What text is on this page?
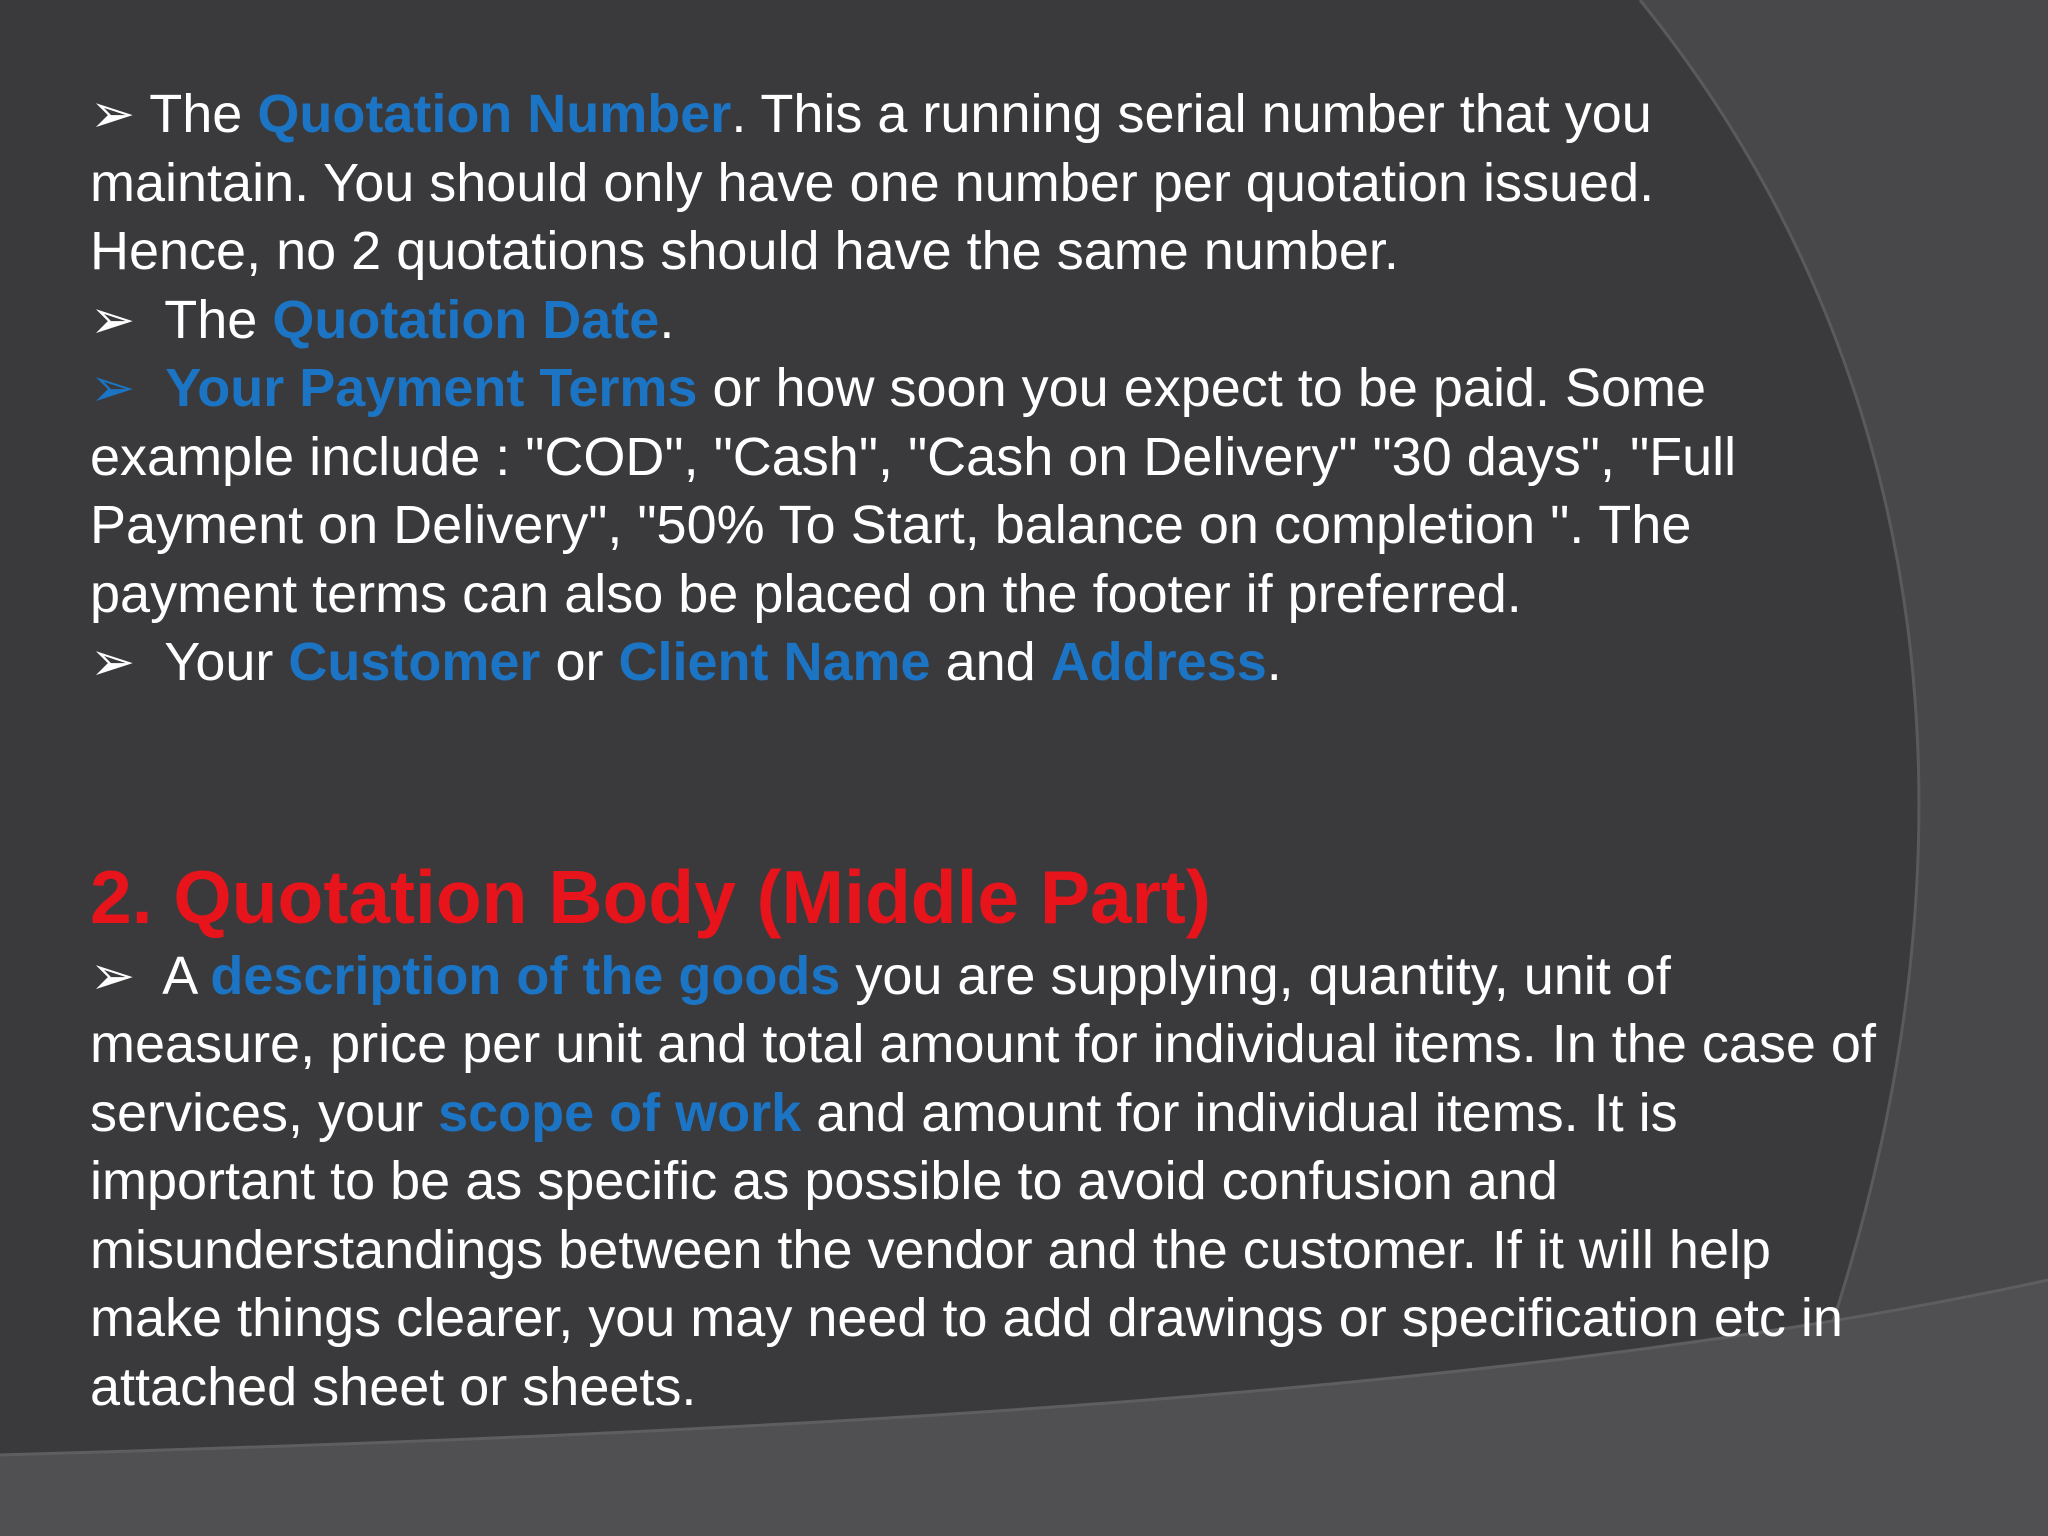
➢ The Quotation Number. This a running serial number that you
maintain. You should only have one number per quotation issued.
Hence, no 2 quotations should have the same number.
➢ The Quotation Date.
➢ Your Payment Terms or how soon you expect to be paid. Some
example include : "COD", "Cash", "Cash on Delivery" "30 days", "Full
Payment on Delivery", "50% To Start, balance on completion ". The
payment terms can also be placed on the footer if preferred.
➢ Your Customer or Client Name and Address.
2. Quotation Body (Middle Part)
➢ A description of the goods you are supplying, quantity, unit of
measure, price per unit and total amount for individual items. In the case of
services, your scope of work and amount for individual items. It is
important to be as specific as possible to avoid confusion and
misunderstandings between the vendor and the customer. If it will help
make things clearer, you may need to add drawings or specification etc in
attached sheet or sheets.
